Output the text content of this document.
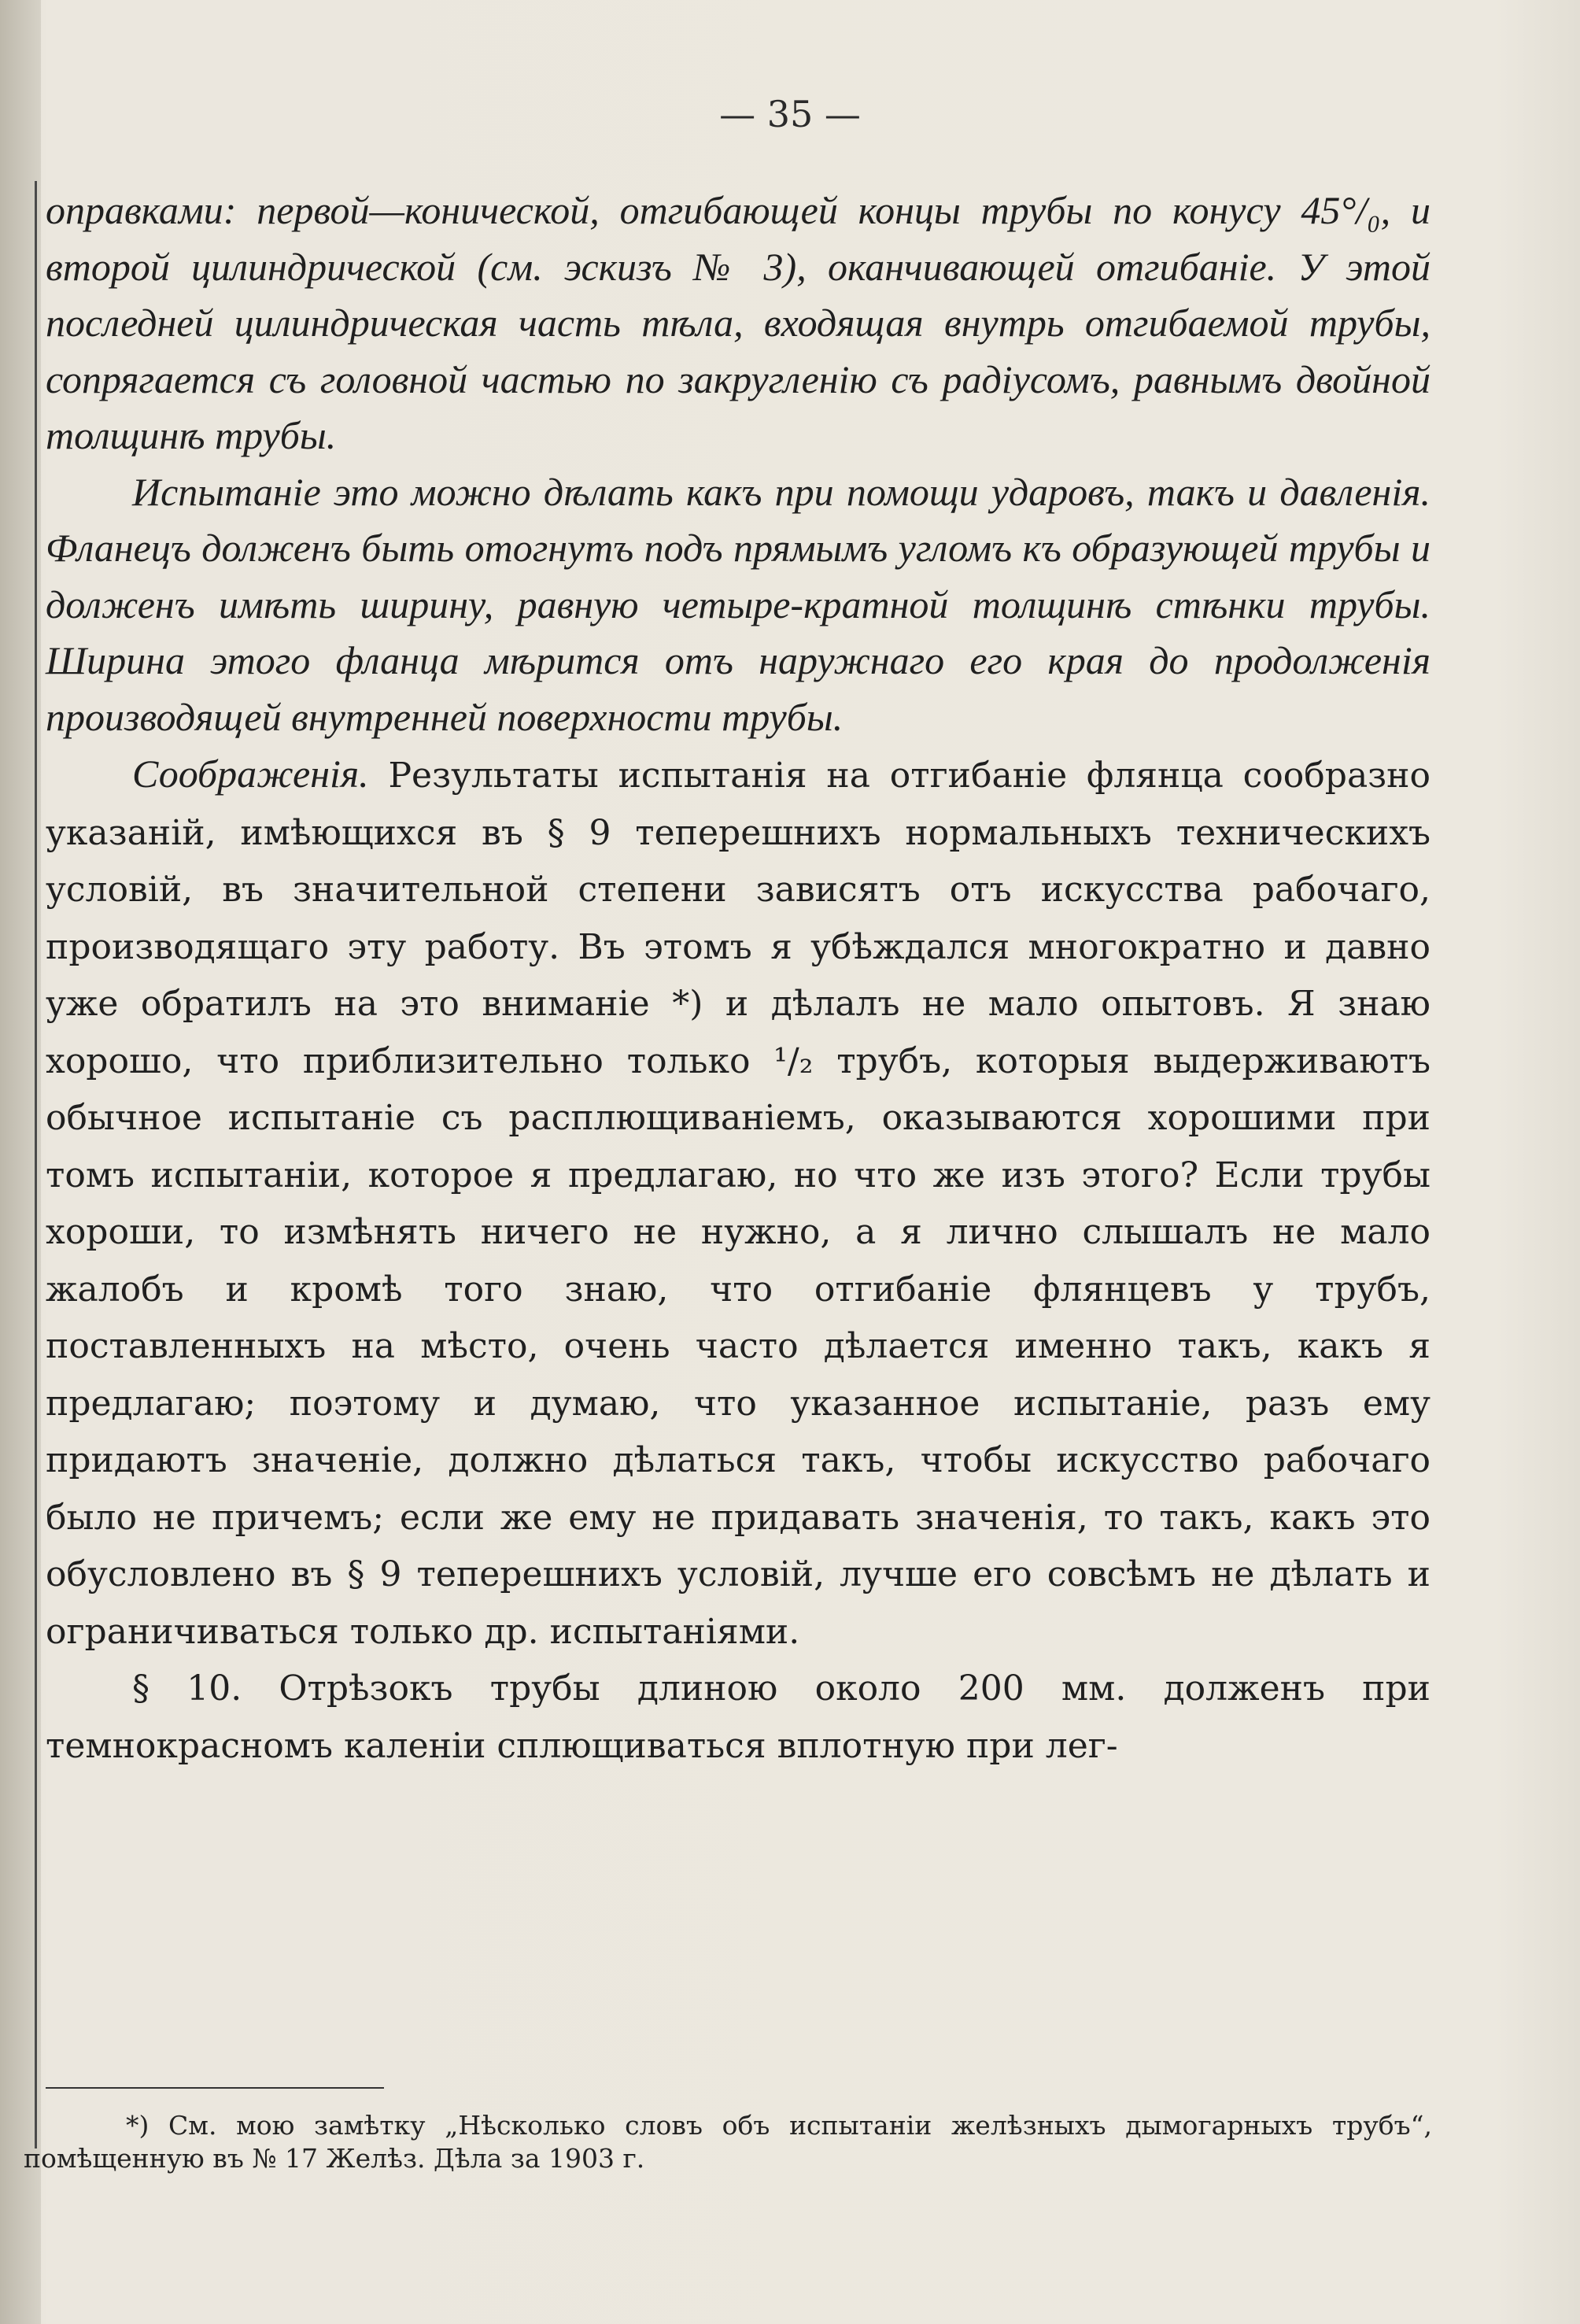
— 35 —

оправками: первой—конической, отгибающей концы трубы по конусу 45°/₀, и второй цилиндрической (см. эскизъ № 3), оканчивающей отгибаніе. У этой последней цилиндрическая часть тѣла, входящая внутрь отгибаемой трубы, сопрягается съ головной частью по закругленію съ радіусомъ, равнымъ двойной толщинѣ трубы.

Испытаніе это можно дѣлать какъ при помощи ударовъ, такъ и давленія. Фланецъ долженъ быть отогнутъ подъ прямымъ угломъ къ образующей трубы и долженъ имѣть ширину, равную четыре-кратной толщинѣ стѣнки трубы. Ширина этого фланца мѣрится отъ наружнаго его края до продолженія производящей внутренней поверхности трубы.

Соображенія. Результаты испытанія на отгибаніе флянца сообразно указаній, имѣющихся въ § 9 теперешнихъ нормальныхъ техническихъ условій, въ значительной степени зависятъ отъ искусства рабочаго, производящаго эту работу. Въ этомъ я убѣждался многократно и давно уже обратилъ на это вниманіе *) и дѣлалъ не мало опытовъ. Я знаю хорошо, что приблизительно только ¹/₂ трубъ, которыя выдерживаютъ обычное испытаніе съ расплющиваніемъ, оказываются хорошими при томъ испытаніи, которое я предлагаю, но что же изъ этого? Если трубы хороши, то измѣнять ничего не нужно, а я лично слышалъ не мало жалобъ и кромѣ того знаю, что отгибаніе флянцевъ у трубъ, поставленныхъ на мѣсто, очень часто дѣлается именно такъ, какъ я предлагаю; поэтому и думаю, что указанное испытаніе, разъ ему придаютъ значеніе, должно дѣлаться такъ, чтобы искусство рабочаго было не причемъ; если же ему не придавать значенія, то такъ, какъ это обусловлено въ § 9 теперешнихъ условій, лучше его совсѣмъ не дѣлать и ограничиваться только др. испытаніями.

§ 10. Отрѣзокъ трубы длиною около 200 мм. долженъ при темнокрасномъ каленіи сплющиваться вплотную при лег-

*) См. мою замѣтку „Нѣсколько словъ объ испытаніи желѣзныхъ дымогарныхъ трубъ“, помѣщенную въ № 17 Желѣз. Дѣла за 1903 г.
